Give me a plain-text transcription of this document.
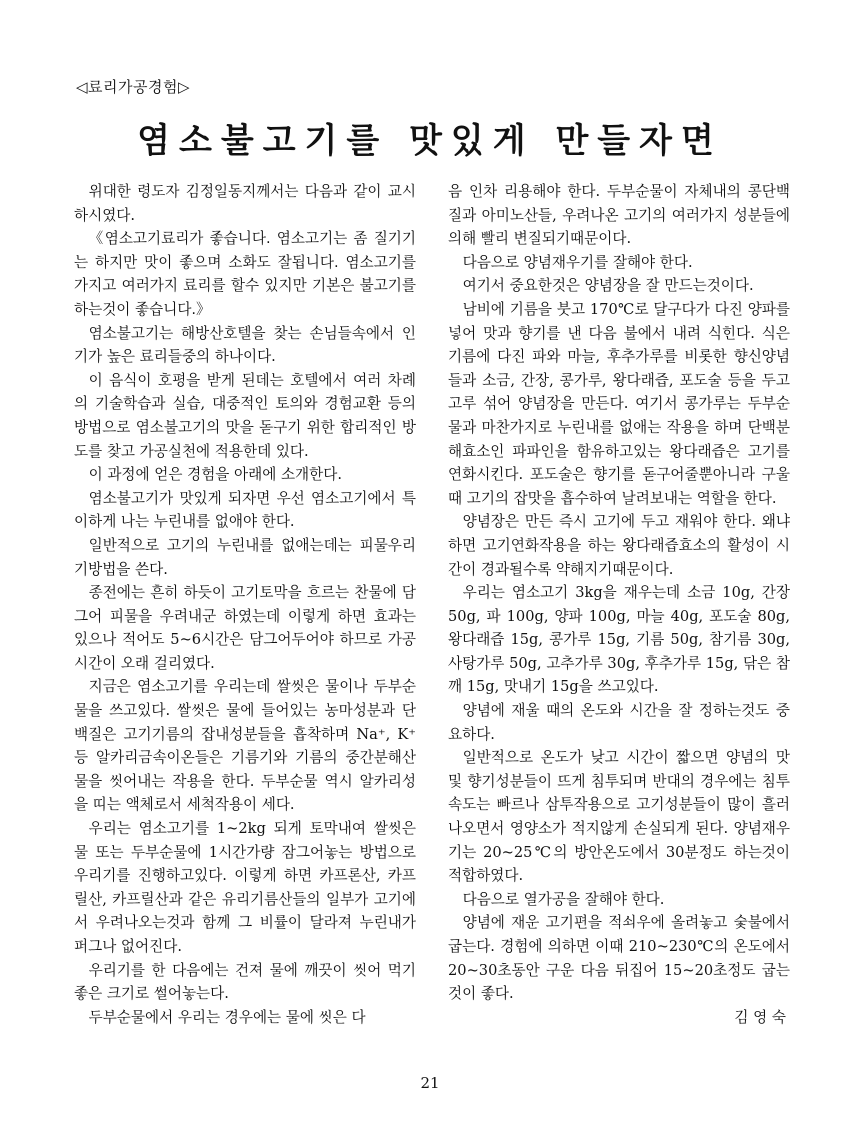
◁료리가공경험▷
염소불고기를 맛있게 만들자면

위대한 령도자 김정일동지께서는 다음과 같이 교시하시였다.

《염소고기료리가 좋습니다. 염소고기는 좀 질기기는 하지만 맛이 좋으며 소화도 잘됩니다. 염소고기를 가지고 여러가지 료리를 할수 있지만 기본은 불고기를 하는것이 좋습니다.》

염소불고기는 해방산호텔을 찾는 손님들속에서 인기가 높은 료리들중의 하나이다.

이 음식이 호평을 받게 된데는 호텔에서 여러 차례의 기술학습과 실습, 대중적인 토의와 경험교환 등의 방법으로 염소불고기의 맛을 돋구기 위한 합리적인 방도를 찾고 가공실천에 적용한데 있다.

이 과정에 얻은 경험을 아래에 소개한다.

염소불고기가 맛있게 되자면 우선 염소고기에서 특이하게 나는 누린내를 없애야 한다.

일반적으로 고기의 누린내를 없애는데는 피물우리기방법을 쓴다.

종전에는 흔히 하듯이 고기토막을 흐르는 찬물에 담그어 피물을 우려내군 하였는데 이렇게 하면 효과는 있으나 적어도 5~6시간은 담그어두어야 하므로 가공시간이 오래 걸리였다.

지금은 염소고기를 우리는데 쌀씻은 물이나 두부순물을 쓰고있다. 쌀씻은 물에 들어있는 농마성분과 단백질은 고기기름의 잡내성분들을 흡착하며 Na⁺, K⁺ 등 알카리금속이온들은 기름기와 기름의 중간분해산물을 씻어내는 작용을 한다. 두부순물 역시 알카리성을 띠는 액체로서 세척작용이 세다.

우리는 염소고기를 1~2kg 되게 토막내여 쌀씻은 물 또는 두부순물에 1시간가량 잠그어놓는 방법으로 우리기를 진행하고있다. 이렇게 하면 카프론산, 카프릴산, 카프릴산과 같은 유리기름산들의 일부가 고기에서 우려나오는것과 함께 그 비률이 달라져 누린내가 퍼그나 없어진다.

우리기를 한 다음에는 건져 물에 깨끗이 씻어 먹기 좋은 크기로 썰어놓는다.

두부순물에서 우리는 경우에는 물에 씻은 다

음 인차 리용해야 한다. 두부순물이 자체내의 콩단백질과 아미노산들, 우려나온 고기의 여러가지 성분들에 의해 빨리 변질되기때문이다.

다음으로 양념재우기를 잘해야 한다.

여기서 중요한것은 양념장을 잘 만드는것이다.

남비에 기름을 붓고 170℃로 달구다가 다진 양파를 넣어 맛과 향기를 낸 다음 불에서 내려 식힌다. 식은 기름에 다진 파와 마늘, 후추가루를 비롯한 향신양념들과 소금, 간장, 콩가루, 왕다래즙, 포도술 등을 두고 고루 섞어 양념장을 만든다. 여기서 콩가루는 두부순물과 마찬가지로 누린내를 없애는 작용을 하며 단백분해효소인 파파인을 함유하고있는 왕다래즙은 고기를 연화시킨다. 포도술은 향기를 돋구어줄뿐아니라 구울 때 고기의 잡맛을 흡수하여 날려보내는 역할을 한다.

양념장은 만든 즉시 고기에 두고 재워야 한다. 왜냐하면 고기연화작용을 하는 왕다래즙효소의 활성이 시간이 경과될수록 약해지기때문이다.

우리는 염소고기 3kg을 재우는데 소금 10g, 간장 50g, 파 100g, 양파 100g, 마늘 40g, 포도술 80g, 왕다래즙 15g, 콩가루 15g, 기름 50g, 참기름 30g, 사탕가루 50g, 고추가루 30g, 후추가루 15g, 닦은 참깨 15g, 맛내기 15g을 쓰고있다.

양념에 재울 때의 온도와 시간을 잘 정하는것도 중요하다.

일반적으로 온도가 낮고 시간이 짧으면 양념의 맛 및 향기성분들이 뜨게 침투되며 반대의 경우에는 침투속도는 빠르나 삼투작용으로 고기성분들이 많이 흘러나오면서 영양소가 적지않게 손실되게 된다. 양념재우기는 20~25℃의 방안온도에서 30분정도 하는것이 적합하였다.

다음으로 열가공을 잘해야 한다.

양념에 재운 고기편을 적쇠우에 올려놓고 숯불에서 굽는다. 경험에 의하면 이때 210~230℃의 온도에서 20~30초동안 구운 다음 뒤집어 15~20초정도 굽는것이 좋다.

김 영 숙

21
